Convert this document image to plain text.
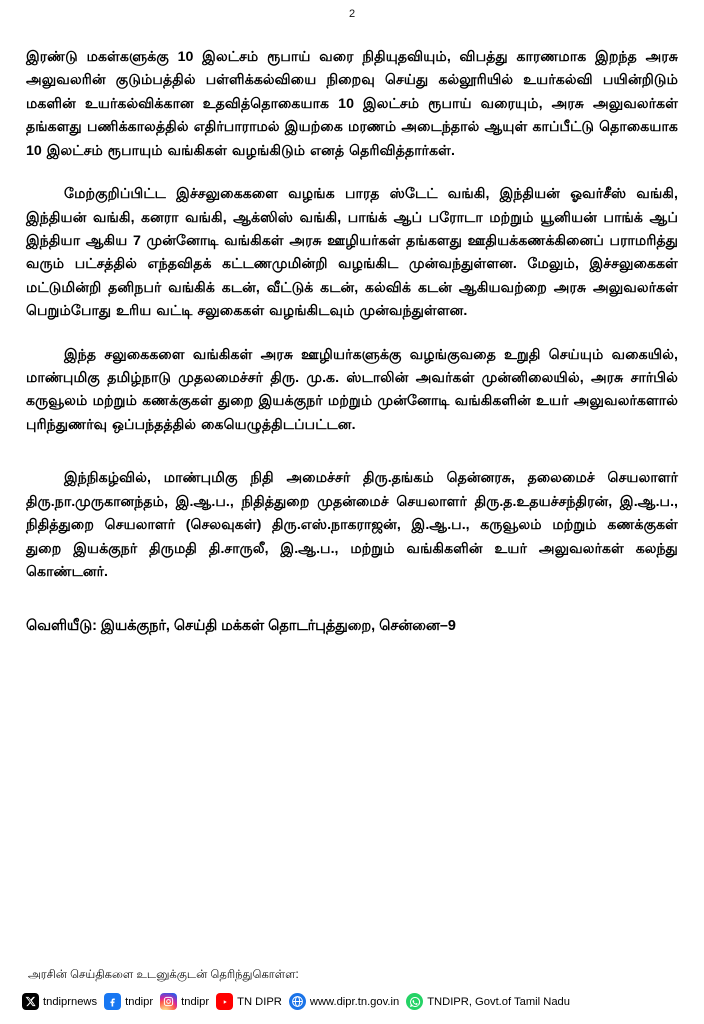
2

இரண்டு மகள்களுக்கு 10 இலட்சம் ரூபாய் வரை நிதியுதவியும், விபத்து காரணமாக இறந்த அரசு அலுவலரின் குடும்பத்தில் பள்ளிக்கல்வியை நிறைவு செய்து கல்லூரியில் உயர்கல்வி பயின்றிடும் மகளின் உயர்கல்விக்கான உதவித்தொகையாக 10 இலட்சம் ரூபாய் வரையும், அரசு அலுவலர்கள் தங்களது பணிக்காலத்தில் எதிர்பாராமல் இயற்கை மரணம் அடைந்தால் ஆயுள் காப்பீட்டு தொகையாக 10 இலட்சம் ரூபாயும் வங்கிகள் வழங்கிடும் எனத் தெரிவித்தார்கள்.

மேற்குறிப்பிட்ட இச்சலுகைகளை வழங்க பாரத ஸ்டேட் வங்கி, இந்தியன் ஓவர்சீஸ் வங்கி, இந்தியன் வங்கி, கனரா வங்கி, ஆக்ஸிஸ் வங்கி, பாங்க் ஆப் பரோடா மற்றும் யூனியன் பாங்க் ஆப் இந்தியா ஆகிய 7 முன்னோடி வங்கிகள் அரசு ஊழியர்கள் தங்களது ஊதியக்கணக்கினைப் பராமரித்து வரும் பட்சத்தில் எந்தவிதக் கட்டணமுமின்றி வழங்கிட முன்வந்துள்ளன. மேலும், இச்சலுகைகள் மட்டுமின்றி தனிநபர் வங்கிக் கடன், வீட்டுக் கடன், கல்விக் கடன் ஆகியவற்றை அரசு அலுவலர்கள் பெறும்போது உரிய வட்டி சலுகைகள் வழங்கிடவும் முன்வந்துள்ளன.

இந்த சலுகைகளை வங்கிகள் அரசு ஊழியர்களுக்கு வழங்குவதை உறுதி செய்யும் வகையில், மாண்புமிகு தமிழ்நாடு முதலமைச்சர் திரு. மு.க. ஸ்டாலின் அவர்கள் முன்னிலையில், அரசு சார்பில் கருவூலம் மற்றும் கணக்குகள் துறை இயக்குநர் மற்றும் முன்னோடி வங்கிகளின் உயர் அலுவலர்களால் புரிந்துணர்வு ஒப்பந்தத்தில் கையெழுத்திடப்பட்டன.

இந்நிகழ்வில், மாண்புமிகு நிதி அமைச்சர் திரு.தங்கம் தென்னரசு, தலைமைச் செயலாளர் திரு.நா.முருகானந்தம், இ.ஆ.ப., நிதித்துறை முதன்மைச் செயலாளர் திரு.த.உதயச்சந்திரன், இ.ஆ.ப., நிதித்துறை செயலாளர் (செலவுகள்) திரு.எஸ்.நாகராஜன், இ.ஆ.ப., கருவூலம் மற்றும் கணக்குகள் துறை இயக்குநர் திருமதி தி.சாருலீ, இ.ஆ.ப., மற்றும் வங்கிகளின் உயர் அலுவலர்கள் கலந்து கொண்டனர்.

வெளியீடு: இயக்குநர், செய்தி மக்கள் தொடர்புத்துறை, சென்னை–9

அரசின் செய்திகளை உடனுக்குடன் தெரிந்துகொள்ள:
tndiprnews	tndipr	tndipr	TN DIPR	www.dipr.tn.gov.in	TNDIPR, Govt.of Tamil Nadu
